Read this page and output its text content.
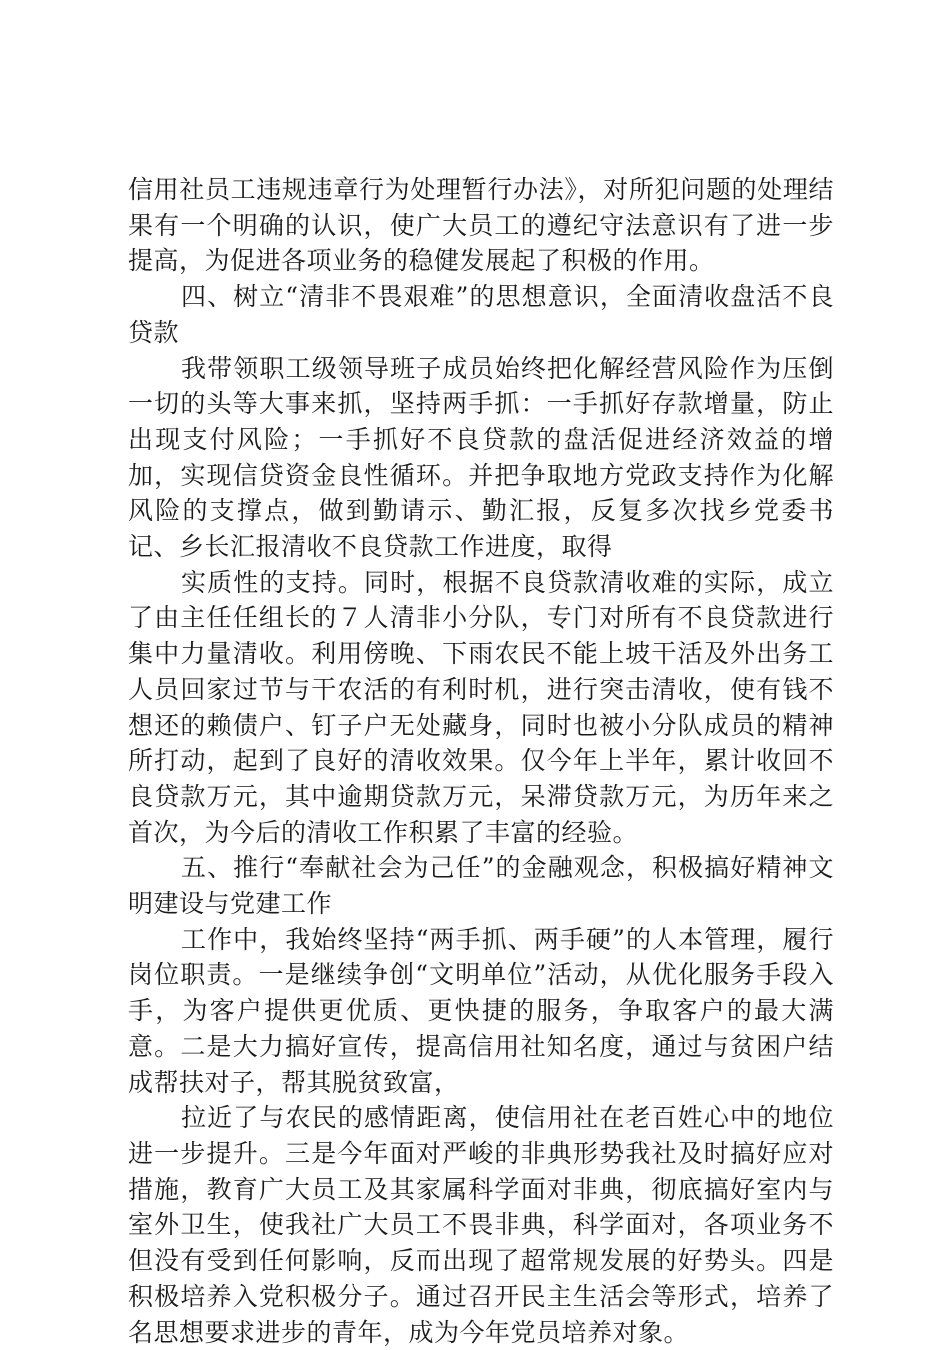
信用社员工违规违章行为处理暂行办法》，对所犯问题的处理结果有一个明确的认识，使广大员工的遵纪守法意识有了进一步提高，为促进各项业务的稳健发展起了积极的作用。

四、树立“清非不畏艰难”的思想意识，全面清收盘活不良贷款

我带领职工级领导班子成员始终把化解经营风险作为压倒一切的头等大事来抓，坚持两手抓：一手抓好存款增量，防止出现支付风险；一手抓好不良贷款的盘活促进经济效益的增加，实现信贷资金良性循环。并把争取地方党政支持作为化解风险的支撑点，做到勤请示、勤汇报，反复多次找乡党委书记、乡长汇报清收不良贷款工作进度，取得

实质性的支持。同时，根据不良贷款清收难的实际，成立了由主任任组长的７人清非小分队，专门对所有不良贷款进行集中力量清收。利用傍晚、下雨农民不能上坡干活及外出务工人员回家过节与干农活的有利时机，进行突击清收，使有钱不想还的赖债户、钉子户无处藏身，同时也被小分队成员的精神所打动，起到了良好的清收效果。仅今年上半年，累计收回不良贷款万元，其中逾期贷款万元，呆滞贷款万元，为历年来之首次，为今后的清收工作积累了丰富的经验。

五、推行“奉献社会为己任”的金融观念，积极搞好精神文明建设与党建工作

工作中，我始终坚持“两手抓、两手硬”的人本管理，履行岗位职责。一是继续争创“文明单位”活动，从优化服务手段入手，为客户提供更优质、更快捷的服务，争取客户的最大满意。二是大力搞好宣传，提高信用社知名度，通过与贫困户结成帮扶对子，帮其脱贫致富，

拉近了与农民的感情距离，使信用社在老百姓心中的地位进一步提升。三是今年面对严峻的非典形势我社及时搞好应对措施，教育广大员工及其家属科学面对非典，彻底搞好室内与室外卫生，使我社广大员工不畏非典，科学面对，各项业务不但没有受到任何影响，反而出现了超常规发展的好势头。四是积极培养入党积极分子。通过召开民主生活会等形式，培养了名思想要求进步的青年，成为今年党员培养对象。
